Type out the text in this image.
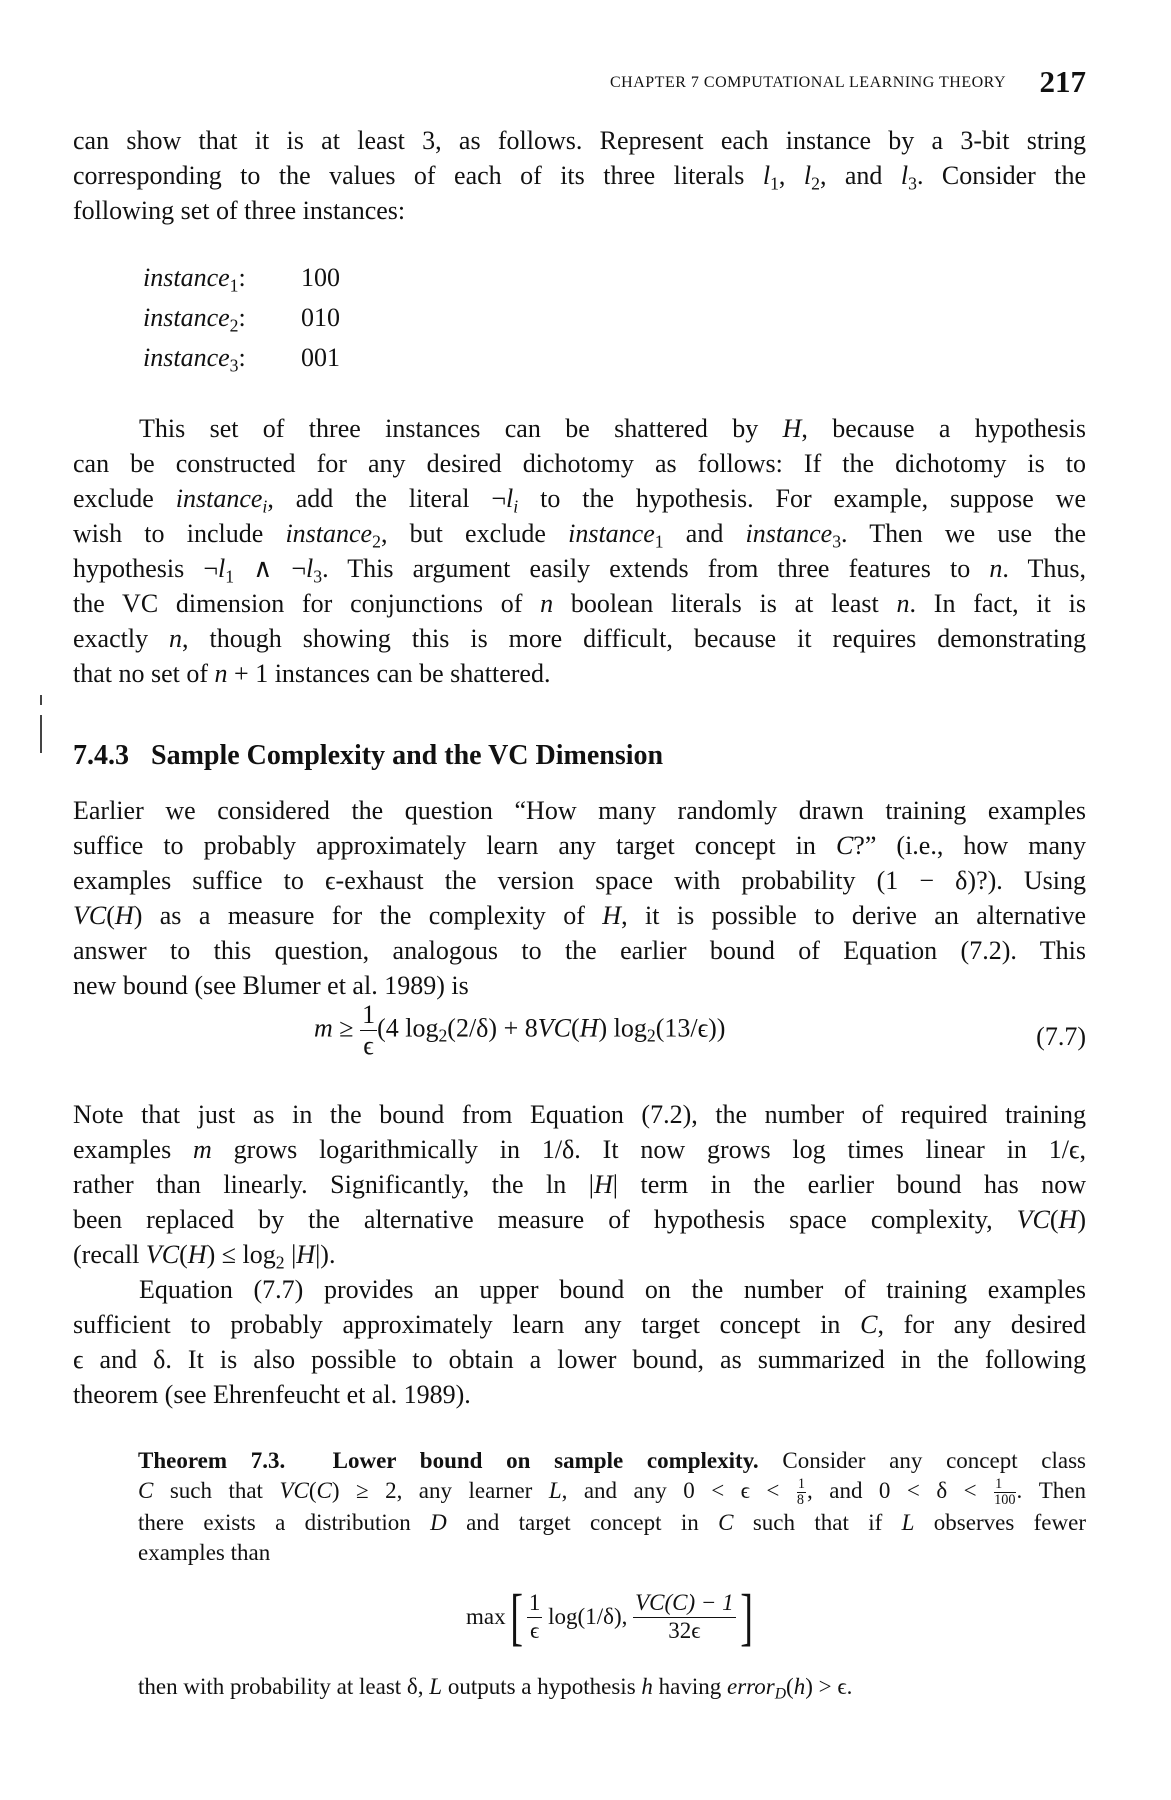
CHAPTER 7 COMPUTATIONAL LEARNING THEORY 217
can show that it is at least 3, as follows. Represent each instance by a 3-bit string
corresponding to the values of each of its three literals $l_1$, $l_2$, and $l_3$. Consider the
following set of three instances:
instance$_1$:	100
instance$_2$:	010
instance$_3$:	001
This set of three instances can be shattered by H, because a hypothesis
can be constructed for any desired dichotomy as follows: If the dichotomy is to
exclude instance$_i$, add the literal $\neg l_i$ to the hypothesis. For example, suppose we
wish to include instance$_2$, but exclude instance$_1$ and instance$_3$. Then we use the
hypothesis $\neg l_1$ ∧ $\neg l_3$. This argument easily extends from three features to n. Thus,
the VC dimension for conjunctions of n boolean literals is at least n. In fact, it is
exactly n, though showing this is more difficult, because it requires demonstrating
that no set of n + 1 instances can be shattered.
7.4.3 Sample Complexity and the VC Dimension
Earlier we considered the question “How many randomly drawn training examples
suffice to probably approximately learn any target concept in C?” (i.e., how many
examples suffice to ϵ-exhaust the version space with probability (1 − δ)?). Using
VC(H) as a measure for the complexity of H, it is possible to derive an alternative
answer to this question, analogous to the earlier bound of Equation (7.2). This
new bound (see Blumer et al. 1989) is
$m \ge \frac{1}{\epsilon} (4$ $\log_2(2/\delta) + 8VC(H)$ $\log_2(13/\epsilon)$)	(7.7)
Note that just as in the bound from Equation (7.2), the number of required training
examples m grows logarithmically in 1/δ. It now grows log times linear in 1/ϵ,
rather than linearly. Significantly, the ln |H| term in the earlier bound has now
been replaced by the alternative measure of hypothesis space complexity, VC(H)
(recall $VC(H) \le \log_2 |H|$).
Equation (7.7) provides an upper bound on the number of training examples
sufficient to probably approximately learn any target concept in C, for any desired
ϵ and δ. It is also possible to obtain a lower bound, as summarized in the following
theorem (see Ehrenfeucht et al. 1989).
Theorem 7.3. Lower bound on sample complexity. Consider any concept class
C such that VC(C) ≥ 2, any learner L, and any $0 < \epsilon < \frac{1}{8}$ , and $0 < \delta < \frac{1}{100}$ . Then
there exists a distribution D and target concept in C such that if L observes fewer
examples than
max [ 1
ϵ
log(1/δ),
VC(C) − 1
32ϵ ]
then with probability at least δ, L outputs a hypothesis h having error$_D$(h) > ϵ.
